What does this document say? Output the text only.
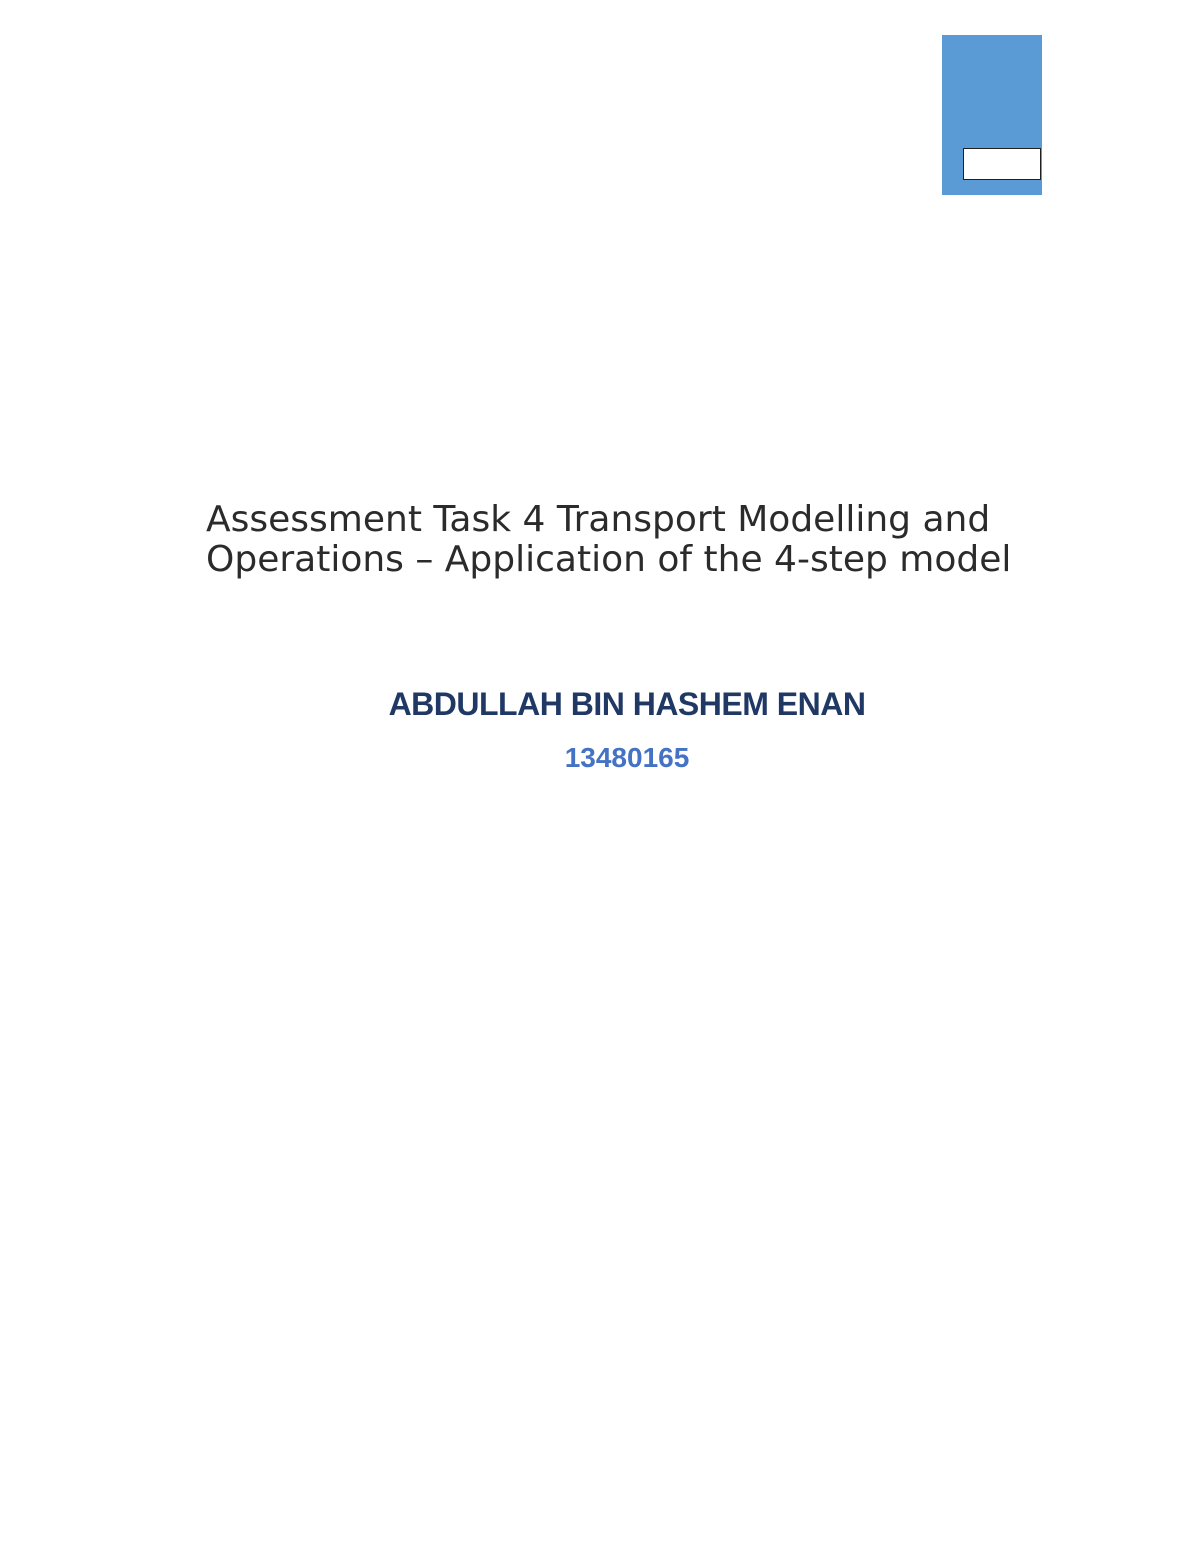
Assessment Task 4 Transport Modelling and Operations – Application of the 4-step model

ABDULLAH BIN HASHEM ENAN

13480165
